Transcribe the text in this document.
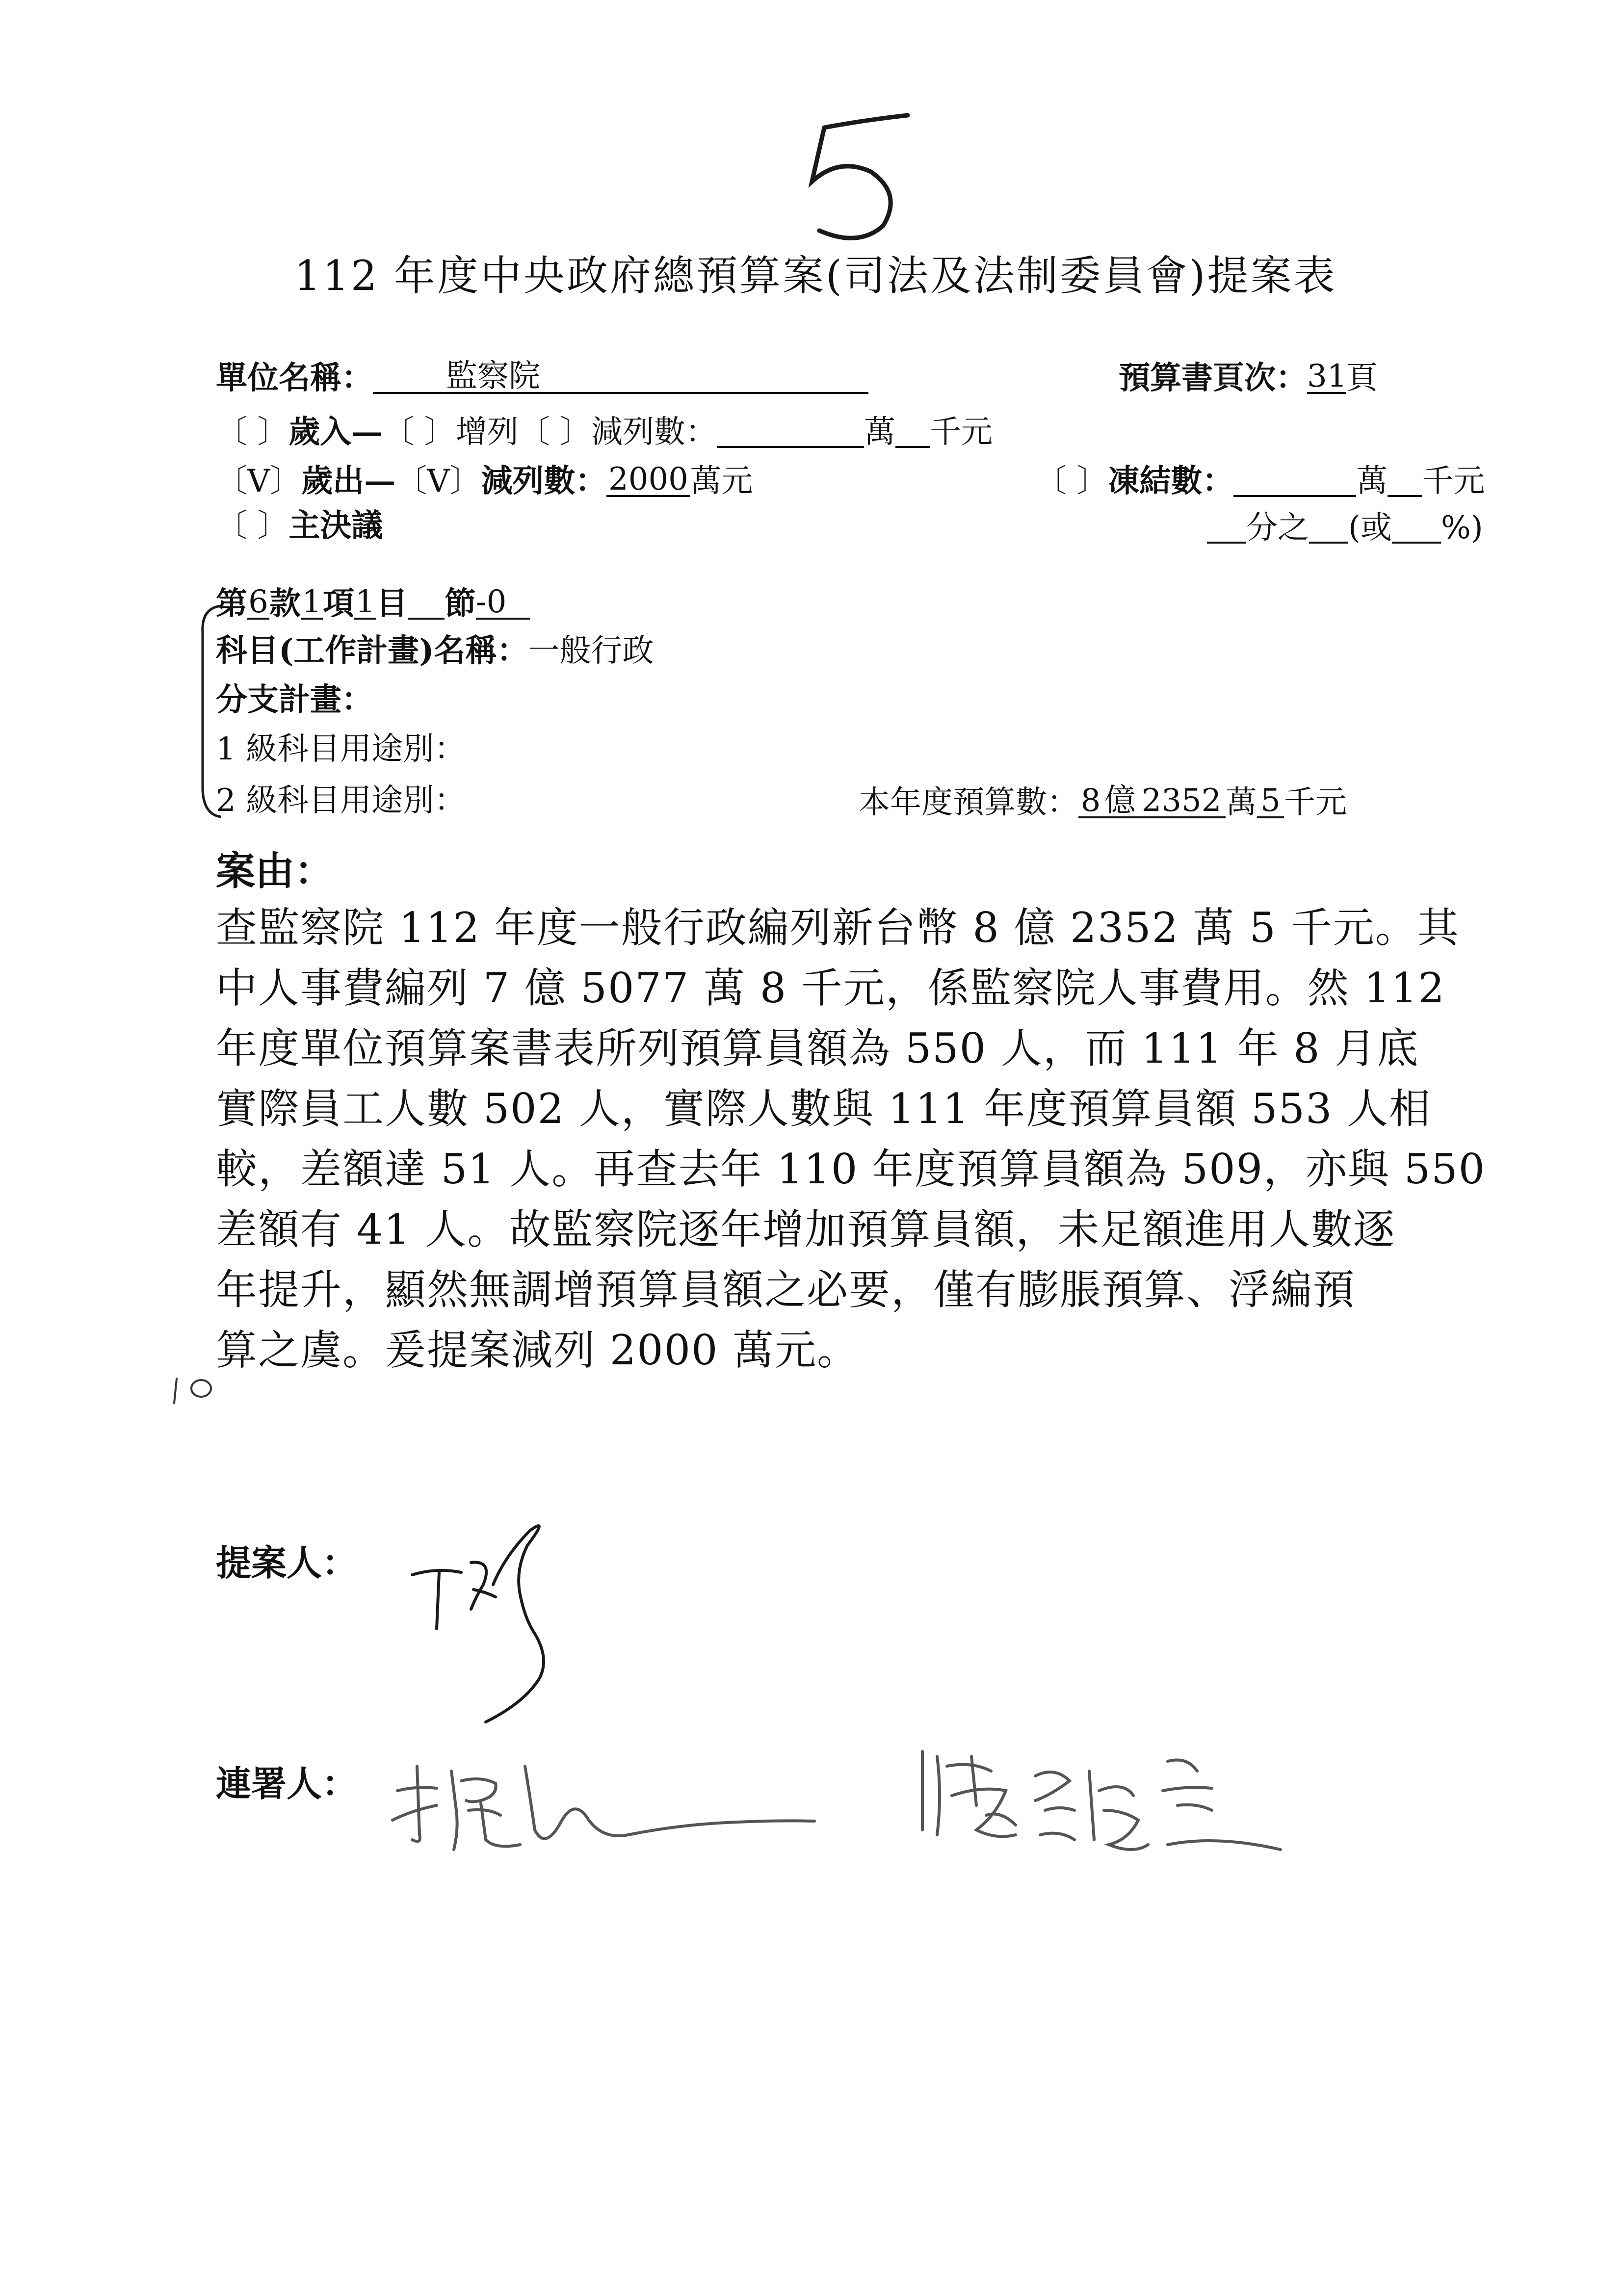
112 年度中央政府總預算案(司法及法制委員會)提案表
單位名稱： 監察院	預算書頁次：31頁
〔 〕歲入—〔 〕增列〔 〕減列數：	萬 千元
〔V〕歲出—〔V〕減列數：2000萬元	〔 〕凍結數：	萬 千元
〔 〕主決議	分之 (或 %)
第6款1項1目 節-0
科目(工作計畫)名稱：一般行政
分支計畫：
1 級科目用途別：
2 級科目用途別：	本年度預算數：8 億 2352 萬 5 千元
案由：
查監察院 112 年度一般行政編列新台幣 8 億 2352 萬 5 千元。其
中人事費編列 7 億 5077 萬 8 千元，係監察院人事費用。然 112
年度單位預算案書表所列預算員額為 550 人，而 111 年 8 月底
實際員工人數 502 人，實際人數與 111 年度預算員額 553 人相
較，差額達 51 人。再查去年 110 年度預算員額為 509，亦與 550
差額有 41 人。故監察院逐年增加預算員額，未足額進用人數逐
年提升，顯然無調增預算員額之必要，僅有膨脹預算、浮編預
算之虞。爰提案減列 2000 萬元。
提案人：
連署人：
